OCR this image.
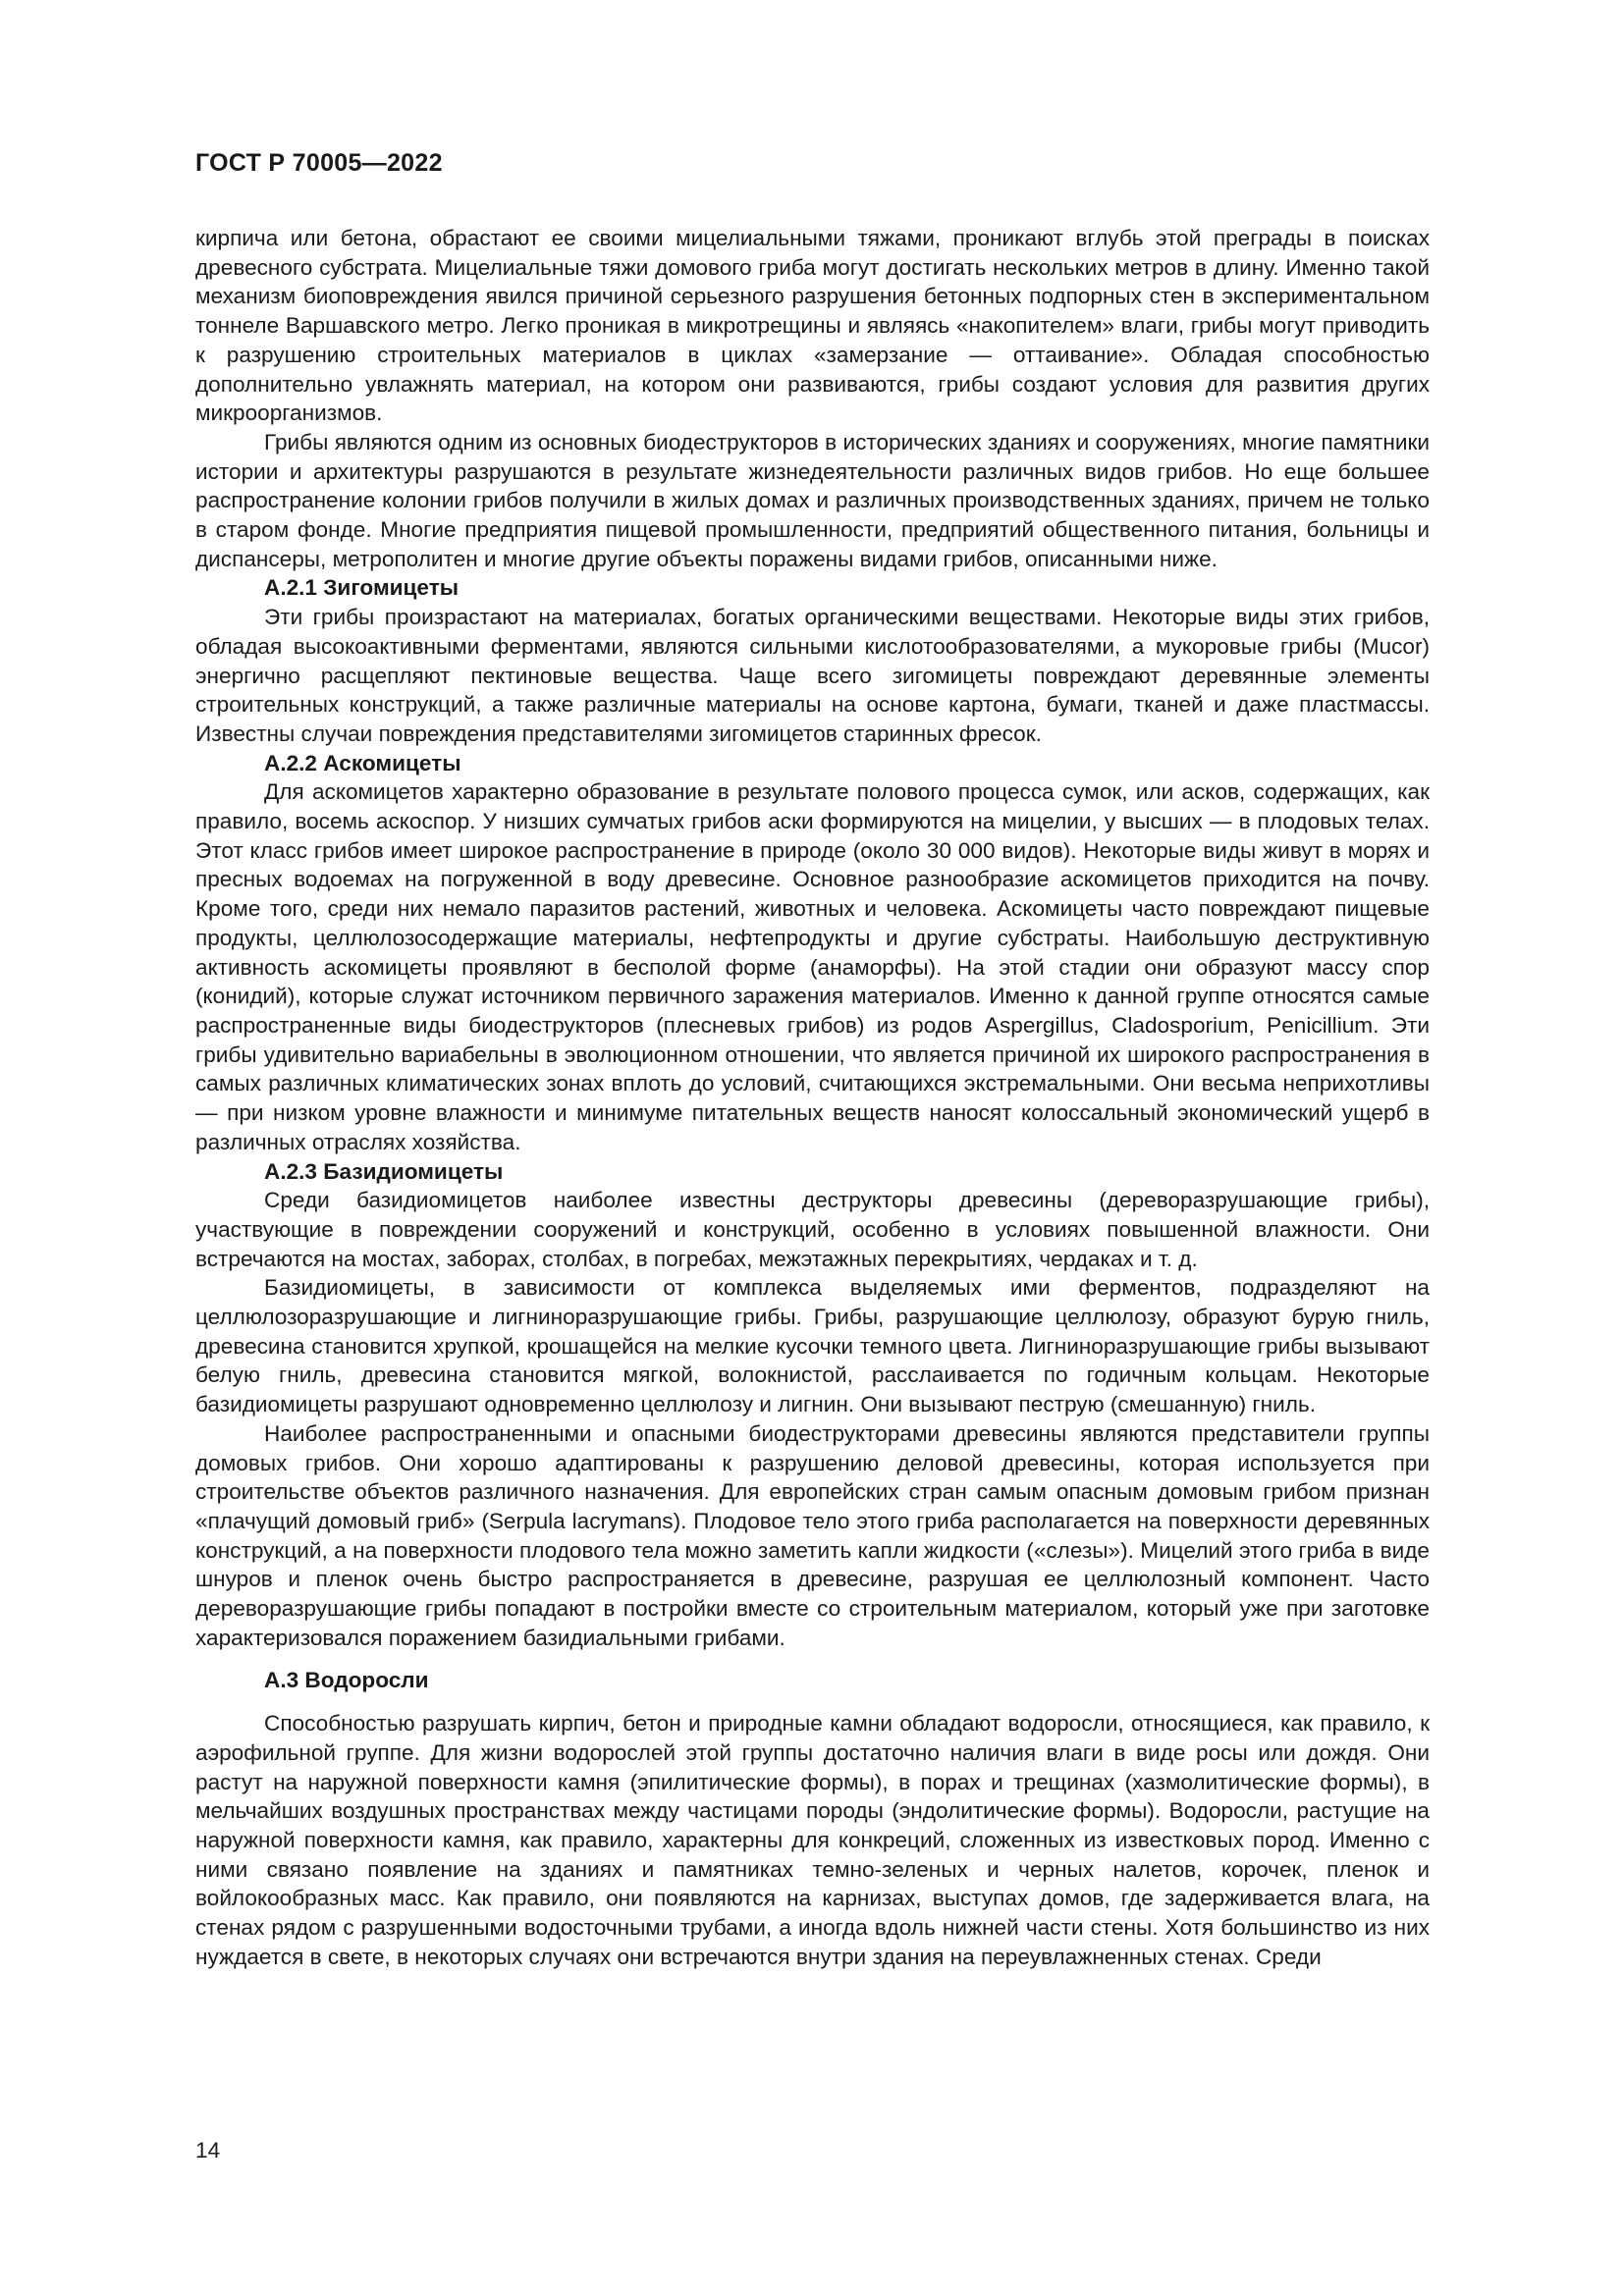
ГОСТ Р 70005—2022

кирпича или бетона, обрастают ее своими мицелиальными тяжами, проникают вглубь этой преграды в поисках древесного субстрата. Мицелиальные тяжи домового гриба могут достигать нескольких метров в длину. Именно такой механизм биоповреждения явился причиной серьезного разрушения бетонных подпорных стен в экспериментальном тоннеле Варшавского метро. Легко проникая в микротрещины и являясь «накопителем» влаги, грибы могут приводить к разрушению строительных материалов в циклах «замерзание — оттаивание». Обладая способностью дополнительно увлажнять материал, на котором они развиваются, грибы создают условия для развития других микроорганизмов.

Грибы являются одним из основных биодеструкторов в исторических зданиях и сооружениях, многие памятники истории и архитектуры разрушаются в результате жизнедеятельности различных видов грибов. Но еще большее распространение колонии грибов получили в жилых домах и различных производственных зданиях, причем не только в старом фонде. Многие предприятия пищевой промышленности, предприятий общественного питания, больницы и диспансеры, метрополитен и многие другие объекты поражены видами грибов, описанными ниже.

А.2.1 Зигомицеты

Эти грибы произрастают на материалах, богатых органическими веществами. Некоторые виды этих грибов, обладая высокоактивными ферментами, являются сильными кислотообразователями, а мукоровые грибы (Mucor) энергично расщепляют пектиновые вещества. Чаще всего зигомицеты повреждают деревянные элементы строительных конструкций, а также различные материалы на основе картона, бумаги, тканей и даже пластмассы. Известны случаи повреждения представителями зигомицетов старинных фресок.

А.2.2 Аскомицеты

Для аскомицетов характерно образование в результате полового процесса сумок, или асков, содержащих, как правило, восемь аскоспор. У низших сумчатых грибов аски формируются на мицелии, у высших — в плодовых телах. Этот класс грибов имеет широкое распространение в природе (около 30 000 видов). Некоторые виды живут в морях и пресных водоемах на погруженной в воду древесине. Основное разнообразие аскомицетов приходится на почву. Кроме того, среди них немало паразитов растений, животных и человека. Аскомицеты часто повреждают пищевые продукты, целлюлозосодержащие материалы, нефтепродукты и другие субстраты. Наибольшую деструктивную активность аскомицеты проявляют в бесполой форме (анаморфы). На этой стадии они образуют массу спор (конидий), которые служат источником первичного заражения материалов. Именно к данной группе относятся самые распространенные виды биодеструкторов (плесневых грибов) из родов Aspergillus, Cladosporium, Penicillium. Эти грибы удивительно вариабельны в эволюционном отношении, что является причиной их широкого распространения в самых различных климатических зонах вплоть до условий, считающихся экстремальными. Они весьма неприхотливы — при низком уровне влажности и минимуме питательных веществ наносят колоссальный экономический ущерб в различных отраслях хозяйства.

А.2.3 Базидиомицеты

Среди базидиомицетов наиболее известны деструкторы древесины (дереворазрушающие грибы), участвующие в повреждении сооружений и конструкций, особенно в условиях повышенной влажности. Они встречаются на мостах, заборах, столбах, в погребах, межэтажных перекрытиях, чердаках и т. д.

Базидиомицеты, в зависимости от комплекса выделяемых ими ферментов, подразделяют на целлюлозоразрушающие и лигниноразрушающие грибы. Грибы, разрушающие целлюлозу, образуют бурую гниль, древесина становится хрупкой, крошащейся на мелкие кусочки темного цвета. Лигниноразрушающие грибы вызывают белую гниль, древесина становится мягкой, волокнистой, расслаивается по годичным кольцам. Некоторые базидиомицеты разрушают одновременно целлюлозу и лигнин. Они вызывают пеструю (смешанную) гниль.

Наиболее распространенными и опасными биодеструкторами древесины являются представители группы домовых грибов. Они хорошо адаптированы к разрушению деловой древесины, которая используется при строительстве объектов различного назначения. Для европейских стран самым опасным домовым грибом признан «плачущий домовый гриб» (Serpula lacrymans). Плодовое тело этого гриба располагается на поверхности деревянных конструкций, а на поверхности плодового тела можно заметить капли жидкости («слезы»). Мицелий этого гриба в виде шнуров и пленок очень быстро распространяется в древесине, разрушая ее целлюлозный компонент. Часто дереворазрушающие грибы попадают в постройки вместе со строительным материалом, который уже при заготовке характеризовался поражением базидиальными грибами.

А.3 Водоросли

Способностью разрушать кирпич, бетон и природные камни обладают водоросли, относящиеся, как правило, к аэрофильной группе. Для жизни водорослей этой группы достаточно наличия влаги в виде росы или дождя. Они растут на наружной поверхности камня (эпилитические формы), в порах и трещинах (хазмолитические формы), в мельчайших воздушных пространствах между частицами породы (эндолитические формы). Водоросли, растущие на наружной поверхности камня, как правило, характерны для конкреций, сложенных из известковых пород. Именно с ними связано появление на зданиях и памятниках темно-зеленых и черных налетов, корочек, пленок и войлокообразных масс. Как правило, они появляются на карнизах, выступах домов, где задерживается влага, на стенах рядом с разрушенными водосточными трубами, а иногда вдоль нижней части стены. Хотя большинство из них нуждается в свете, в некоторых случаях они встречаются внутри здания на переувлажненных стенах. Среди

14
